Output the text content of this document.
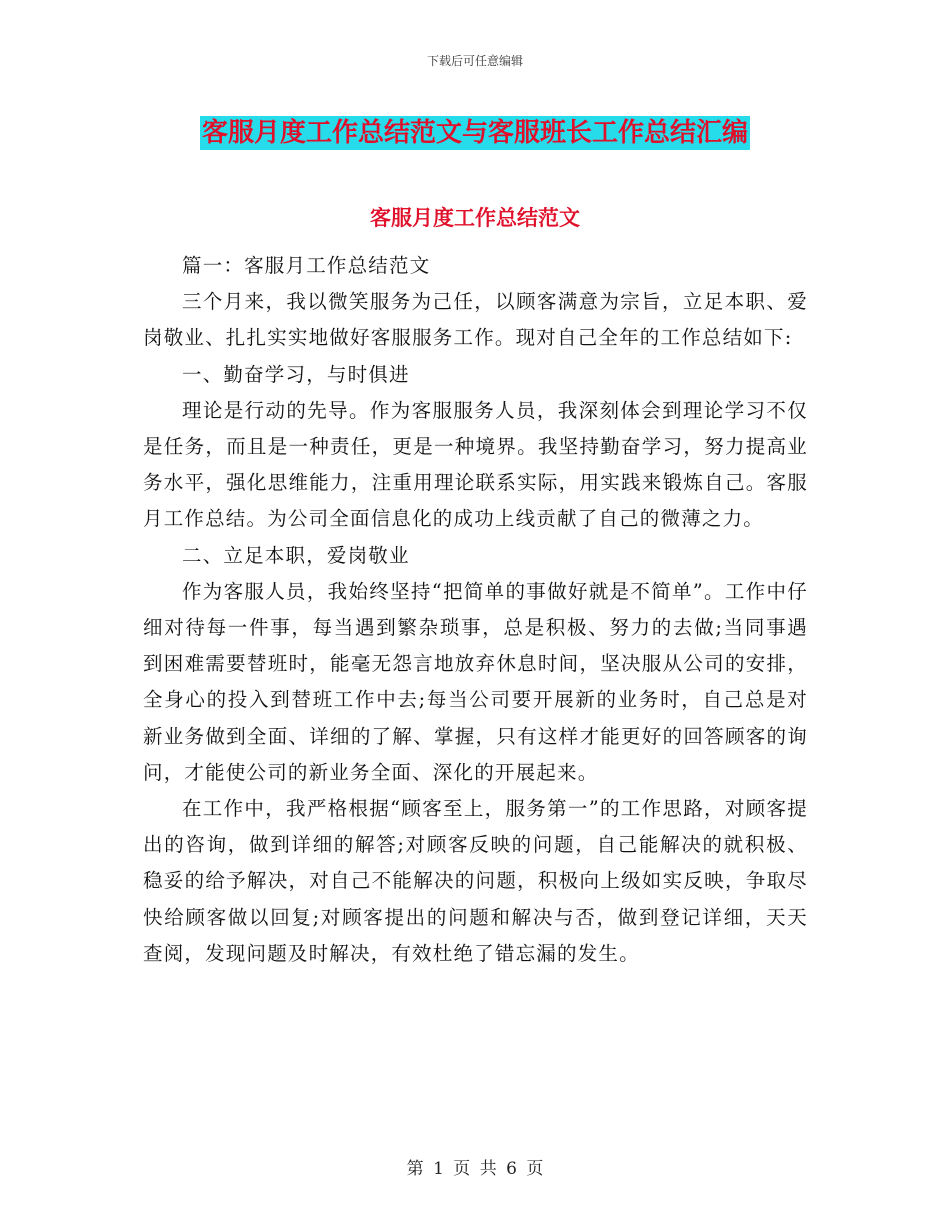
下载后可任意编辑
客服月度工作总结范文与客服班长工作总结汇编
客服月度工作总结范文

篇一：客服月工作总结范文

三个月来，我以微笑服务为己任，以顾客满意为宗旨，立足本职、爱岗敬业、扎扎实实地做好客服服务工作。现对自己全年的工作总结如下:

一、勤奋学习，与时俱进

理论是行动的先导。作为客服服务人员，我深刻体会到理论学习不仅是任务，而且是一种责任，更是一种境界。我坚持勤奋学习，努力提高业务水平，强化思维能力，注重用理论联系实际，用实践来锻炼自己。客服月工作总结。为公司全面信息化的成功上线贡献了自己的微薄之力。

二、立足本职，爱岗敬业

作为客服人员，我始终坚持“把简单的事做好就是不简单”。工作中仔细对待每一件事，每当遇到繁杂琐事，总是积极、努力的去做;当同事遇到困难需要替班时，能毫无怨言地放弃休息时间，坚决服从公司的安排，全身心的投入到替班工作中去;每当公司要开展新的业务时，自己总是对新业务做到全面、详细的了解、掌握，只有这样才能更好的回答顾客的询问，才能使公司的新业务全面、深化的开展起来。

在工作中，我严格根据“顾客至上，服务第一”的工作思路，对顾客提出的咨询，做到详细的解答;对顾客反映的问题，自己能解决的就积极、稳妥的给予解决，对自己不能解决的问题，积极向上级如实反映，争取尽快给顾客做以回复;对顾客提出的问题和解决与否，做到登记详细，天天查阅，发现问题及时解决，有效杜绝了错忘漏的发生。

第 1 页 共 6 页
